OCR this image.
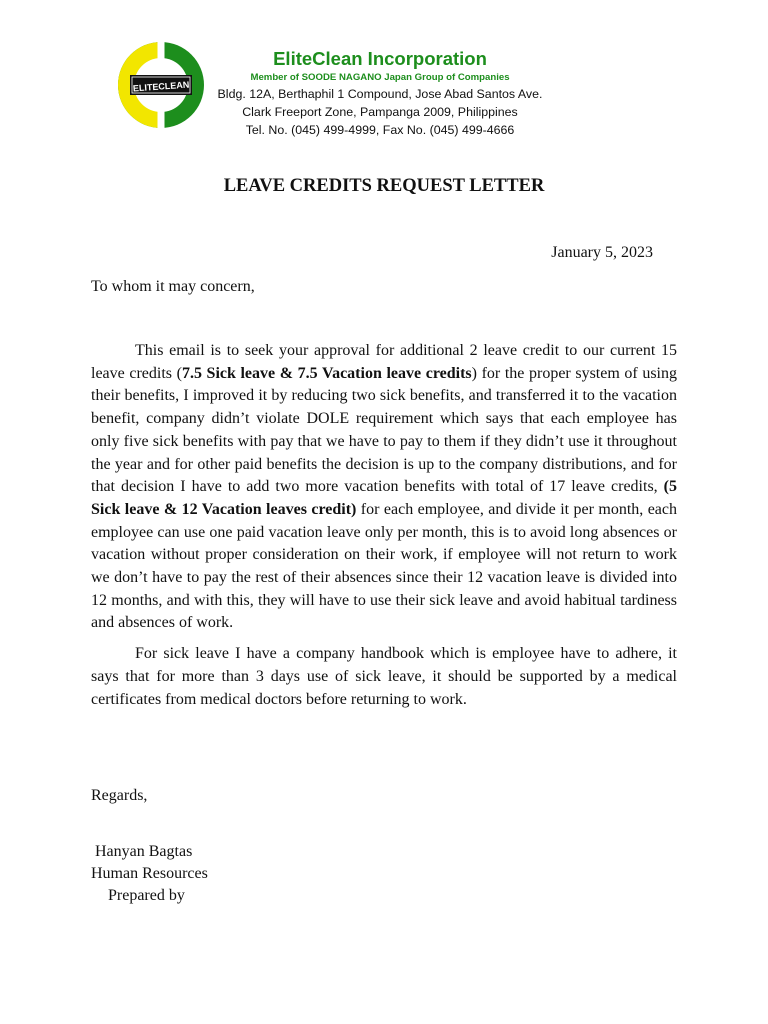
ELITECLEAN
EliteClean Incorporation
Member of SOODE NAGANO Japan Group of Companies
Bldg. 12A, Berthaphil 1 Compound, Jose Abad Santos Ave.
Clark Freeport Zone, Pampanga 2009, Philippines
Tel. No. (045) 499-4999, Fax No. (045) 499-4666
LEAVE CREDITS REQUEST LETTER
January 5, 2023
To whom it may concern,

This email is to seek your approval for additional 2 leave credit to our current 15 leave credits (7.5 Sick leave & 7.5 Vacation leave credits) for the proper system of using their benefits, I improved it by reducing two sick benefits, and transferred it to the vacation benefit, company didn’t violate DOLE requirement which says that each employee has only five sick benefits with pay that we have to pay to them if they didn’t use it throughout the year and for other paid benefits the decision is up to the company distributions, and for that decision I have to add two more vacation benefits with total of 17 leave credits, (5 Sick leave & 12 Vacation leaves credit) for each employee, and divide it per month, each employee can use one paid vacation leave only per month, this is to avoid long absences or vacation without proper consideration on their work, if employee will not return to work we don’t have to pay the rest of their absences since their 12 vacation leave is divided into 12 months, and with this, they will have to use their sick leave and avoid habitual tardiness and absences of work.

For sick leave I have a company handbook which is employee have to adhere, it says that for more than 3 days use of sick leave, it should be supported by a medical certificates from medical doctors before returning to work.

Regards,
Hanyan Bagtas
Human Resources
Prepared by
